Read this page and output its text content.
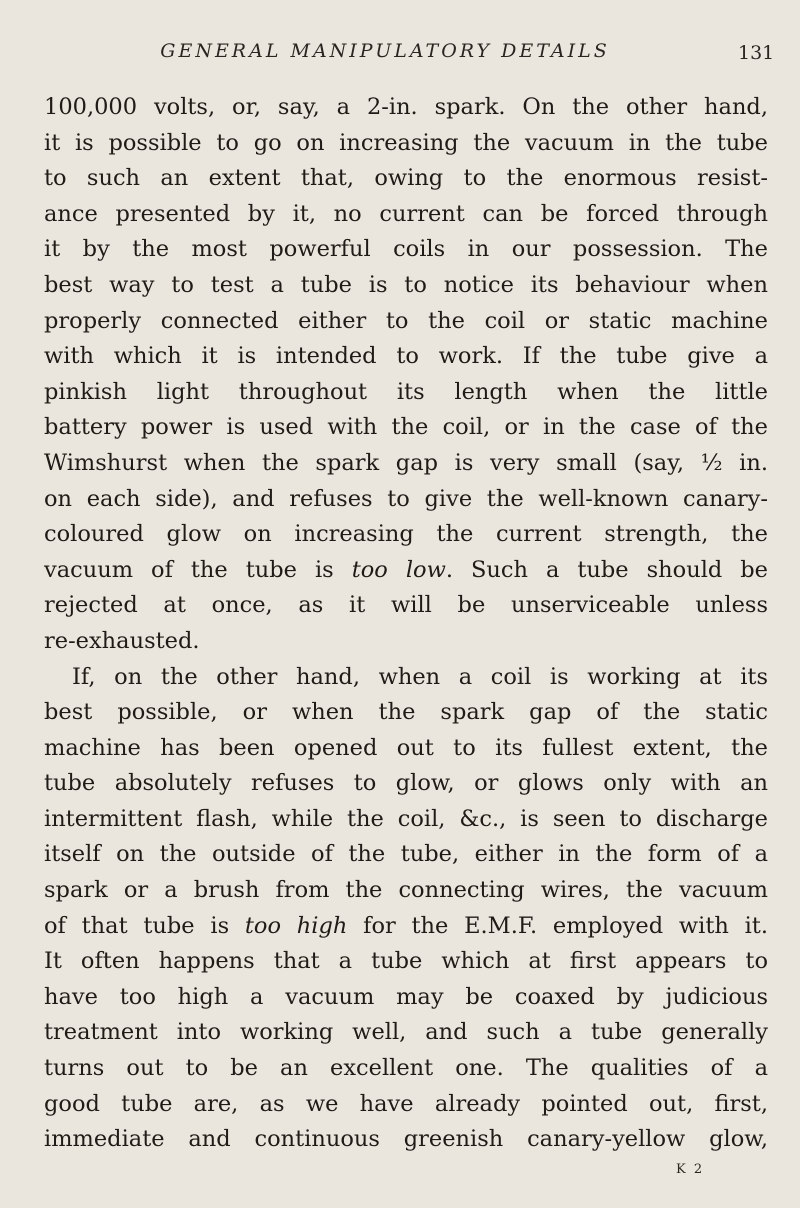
GENERAL MANIPULATORY DETAILS	131
100,000 volts, or, say, a 2-in. spark. On the other hand,
it is possible to go on increasing the vacuum in the tube
to such an extent that, owing to the enormous resist-
ance presented by it, no current can be forced through
it by the most powerful coils in our possession. The
best way to test a tube is to notice its behaviour when
properly connected either to the coil or static machine
with which it is intended to work. If the tube give a
pinkish light throughout its length when the little
battery power is used with the coil, or in the case of the
Wimshurst when the spark gap is very small (say, ½ in.
on each side), and refuses to give the well-known canary-
coloured glow on increasing the current strength, the
vacuum of the tube is too low. Such a tube should be
rejected at once, as it will be unserviceable unless
re-exhausted.
If, on the other hand, when a coil is working at its
best possible, or when the spark gap of the static
machine has been opened out to its fullest extent, the
tube absolutely refuses to glow, or glows only with an
intermittent flash, while the coil, &c., is seen to discharge
itself on the outside of the tube, either in the form of a
spark or a brush from the connecting wires, the vacuum
of that tube is too high for the E.M.F. employed with it.
It often happens that a tube which at first appears to
have too high a vacuum may be coaxed by judicious
treatment into working well, and such a tube generally
turns out to be an excellent one. The qualities of a
good tube are, as we have already pointed out, first,
immediate and continuous greenish canary-yellow glow,
K 2
